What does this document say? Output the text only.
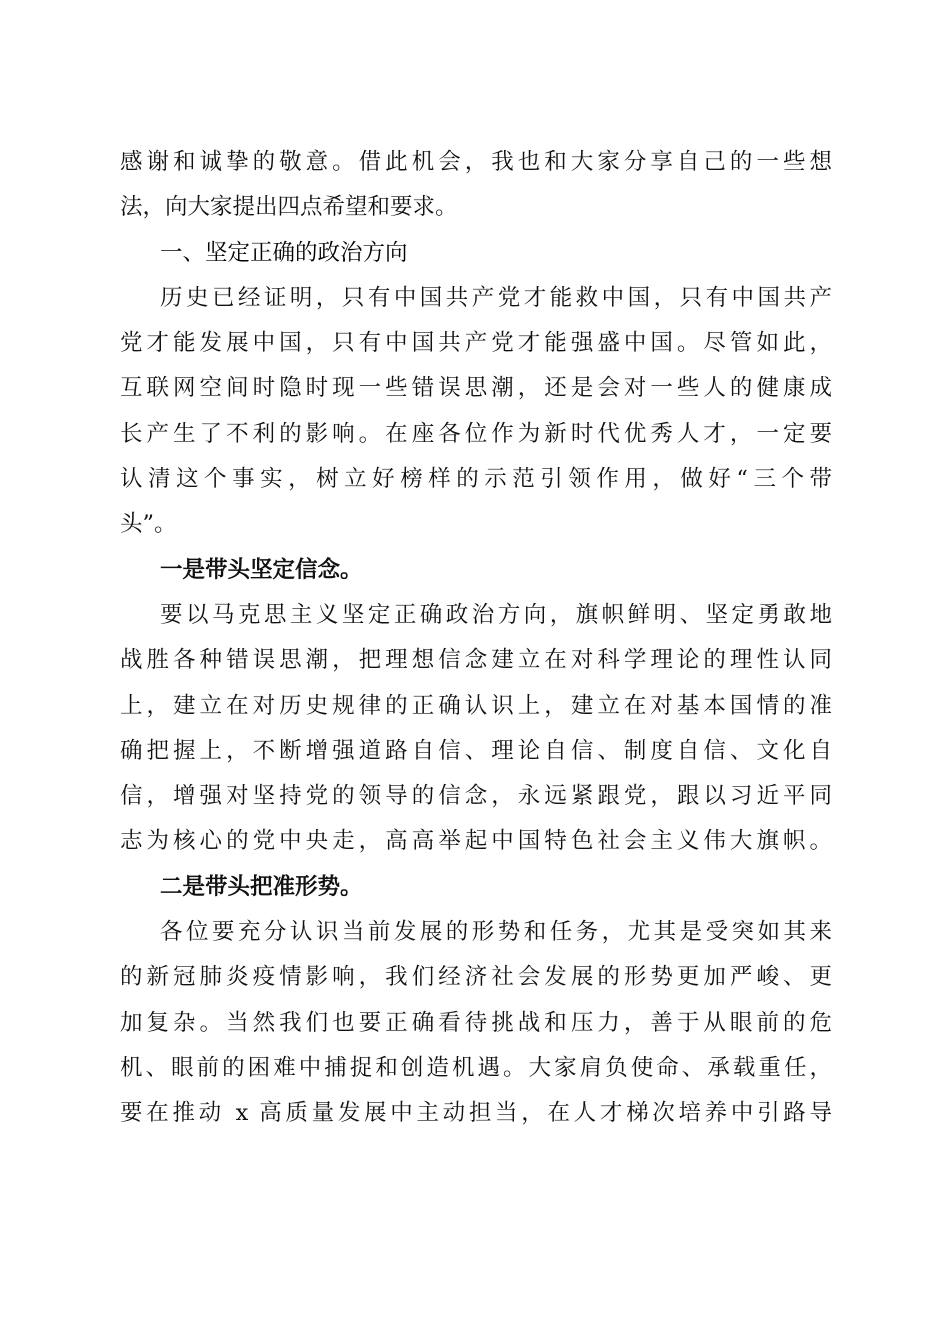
感谢和诚挚的敬意。借此机会，我也和大家分享自己的一些想
法，向大家提出四点希望和要求。
一、坚定正确的政治方向
历史已经证明，只有中国共产党才能救中国，只有中国共产
党才能发展中国，只有中国共产党才能强盛中国。尽管如此，
互联网空间时隐时现一些错误思潮，还是会对一些人的健康成
长产生了不利的影响。在座各位作为新时代优秀人才，一定要
认清这个事实，树立好榜样的示范引领作用，做好“三个带
头”。
一是带头坚定信念。
要以马克思主义坚定正确政治方向，旗帜鲜明、坚定勇敢地
战胜各种错误思潮，把理想信念建立在对科学理论的理性认同
上，建立在对历史规律的正确认识上，建立在对基本国情的准
确把握上，不断增强道路自信、理论自信、制度自信、文化自
信，增强对坚持党的领导的信念，永远紧跟党，跟以习近平同
志为核心的党中央走，高高举起中国特色社会主义伟大旗帜。
二是带头把准形势。
各位要充分认识当前发展的形势和任务，尤其是受突如其来
的新冠肺炎疫情影响，我们经济社会发展的形势更加严峻、更
加复杂。当然我们也要正确看待挑战和压力，善于从眼前的危
机、眼前的困难中捕捉和创造机遇。大家肩负使命、承载重任，
要在推动 x 高质量发展中主动担当，在人才梯次培养中引路导
